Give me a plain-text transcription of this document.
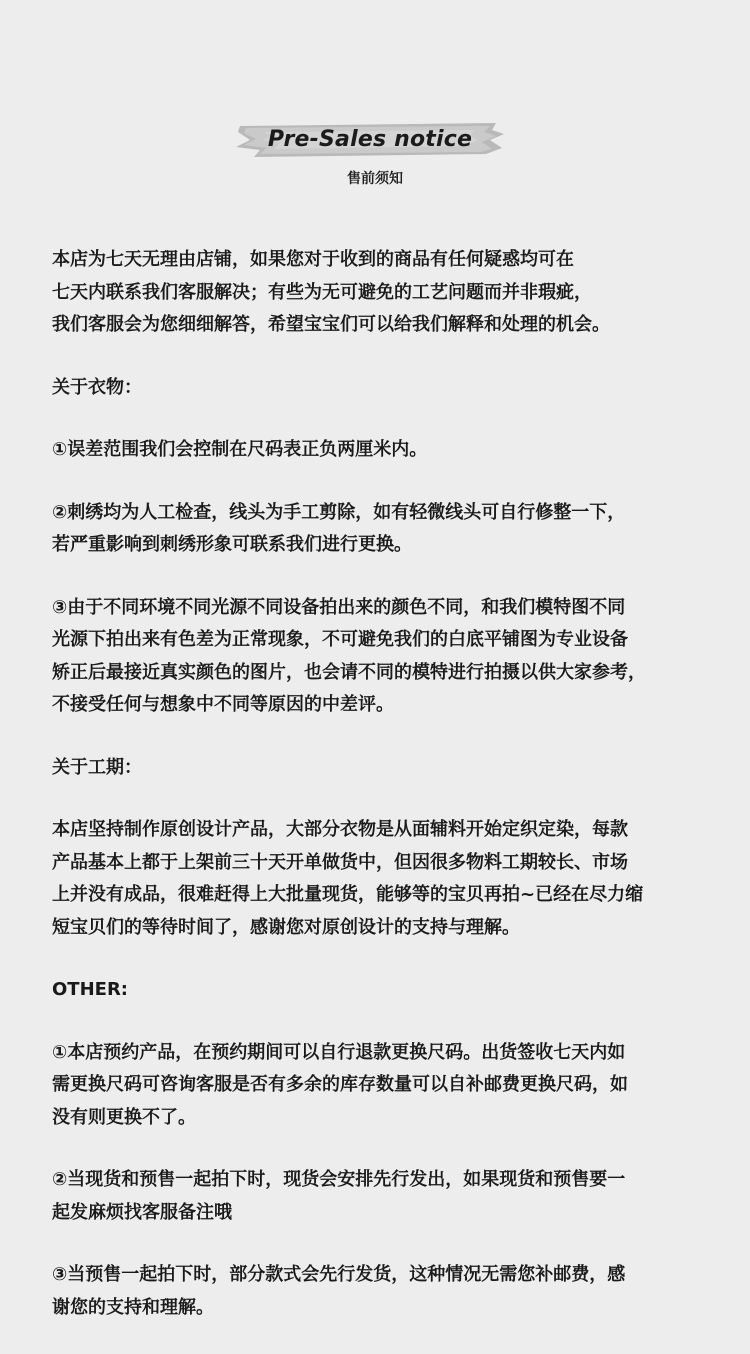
Pre-Sales notice
售前须知
本店为七天无理由店铺，如果您对于收到的商品有任何疑惑均可在
七天内联系我们客服解决；有些为无可避免的工艺问题而并非瑕疵，
我们客服会为您细细解答，希望宝宝们可以给我们解释和处理的机会。
关于衣物：
①误差范围我们会控制在尺码表正负两厘米内。
②刺绣均为人工检查，线头为手工剪除，如有轻微线头可自行修整一下，
若严重影响到刺绣形象可联系我们进行更换。
③由于不同环境不同光源不同设备拍出来的颜色不同，和我们模特图不同
光源下拍出来有色差为正常现象，不可避免我们的白底平铺图为专业设备
矫正后最接近真实颜色的图片，也会请不同的模特进行拍摄以供大家参考，
不接受任何与想象中不同等原因的中差评。
关于工期：
本店坚持制作原创设计产品，大部分衣物是从面辅料开始定织定染，每款
产品基本上都于上架前三十天开单做货中，但因很多物料工期较长、市场
上并没有成品，很难赶得上大批量现货，能够等的宝贝再拍~已经在尽力缩
短宝贝们的等待时间了，感谢您对原创设计的支持与理解。
OTHER:
①本店预约产品，在预约期间可以自行退款更换尺码。出货签收七天内如
需更换尺码可咨询客服是否有多余的库存数量可以自补邮费更换尺码，如
没有则更换不了。
②当现货和预售一起拍下时，现货会安排先行发出，如果现货和预售要一
起发麻烦找客服备注哦
③当预售一起拍下时，部分款式会先行发货，这种情况无需您补邮费，感
谢您的支持和理解。
